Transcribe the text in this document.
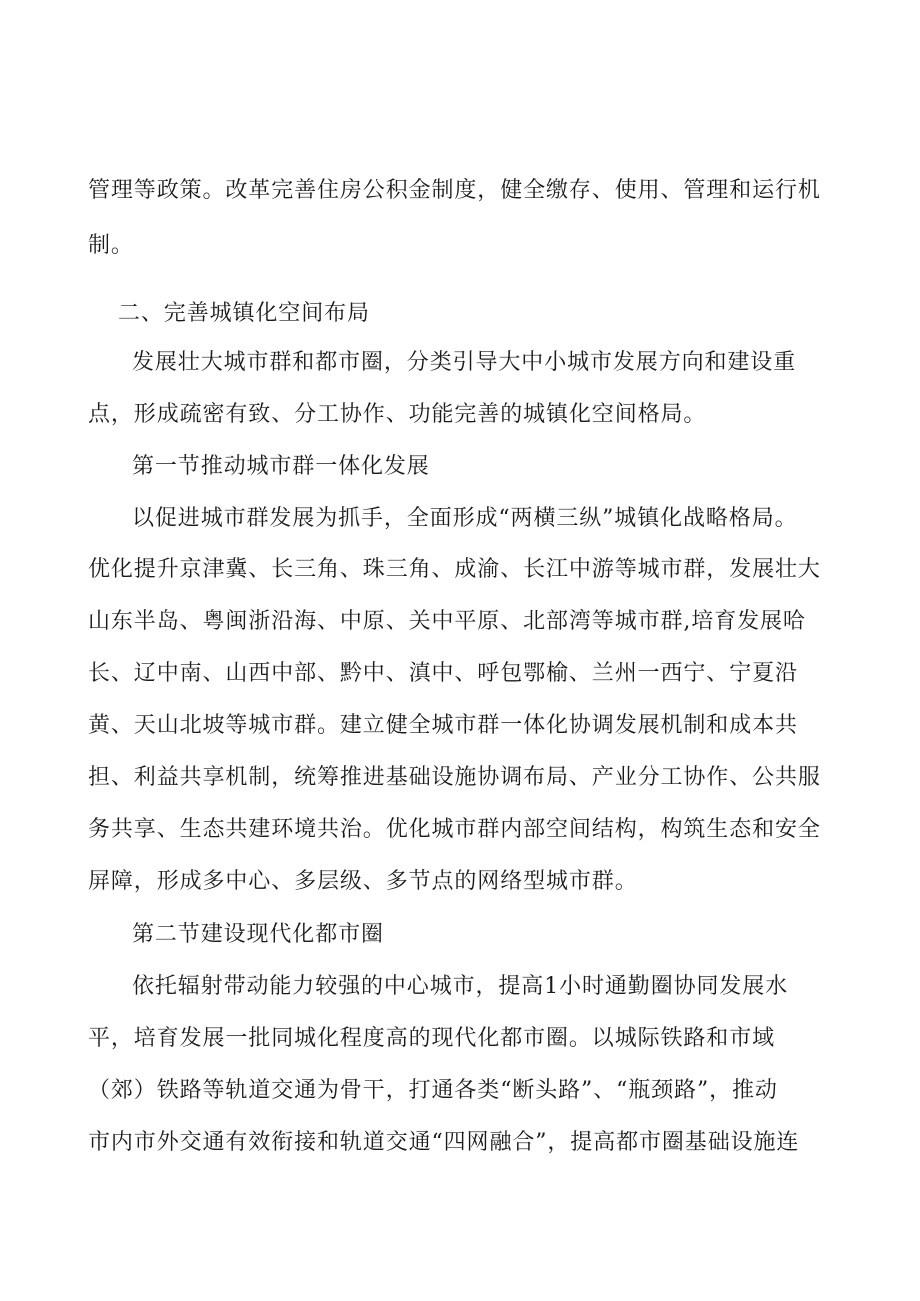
管理等政策。改革完善住房公积金制度，健全缴存、使用、管理和运行机
制。
二、完善城镇化空间布局
发展壮大城市群和都市圈，分类引导大中小城市发展方向和建设重
点，形成疏密有致、分工协作、功能完善的城镇化空间格局。
第一节推动城市群一体化发展
以促进城市群发展为抓手，全面形成“两横三纵”城镇化战略格局。
优化提升京津冀、长三角、珠三角、成渝、长江中游等城市群，发展壮大
山东半岛、粤闽浙沿海、中原、关中平原、北部湾等城市群,培育发展哈
长、辽中南、山西中部、黔中、滇中、呼包鄂榆、兰州一西宁、宁夏沿
黄、天山北坡等城市群。建立健全城市群一体化协调发展机制和成本共
担、利益共享机制，统筹推进基础设施协调布局、产业分工协作、公共服
务共享、生态共建环境共治。优化城市群内部空间结构，构筑生态和安全
屏障，形成多中心、多层级、多节点的网络型城市群。
第二节建设现代化都市圈
依托辐射带动能力较强的中心城市，提高1小时通勤圈协同发展水
平，培育发展一批同城化程度高的现代化都市圈。以城际铁路和市域
（郊）铁路等轨道交通为骨干，打通各类“断头路”、“瓶颈路”，推动
市内市外交通有效衔接和轨道交通“四网融合”，提高都市圈基础设施连
